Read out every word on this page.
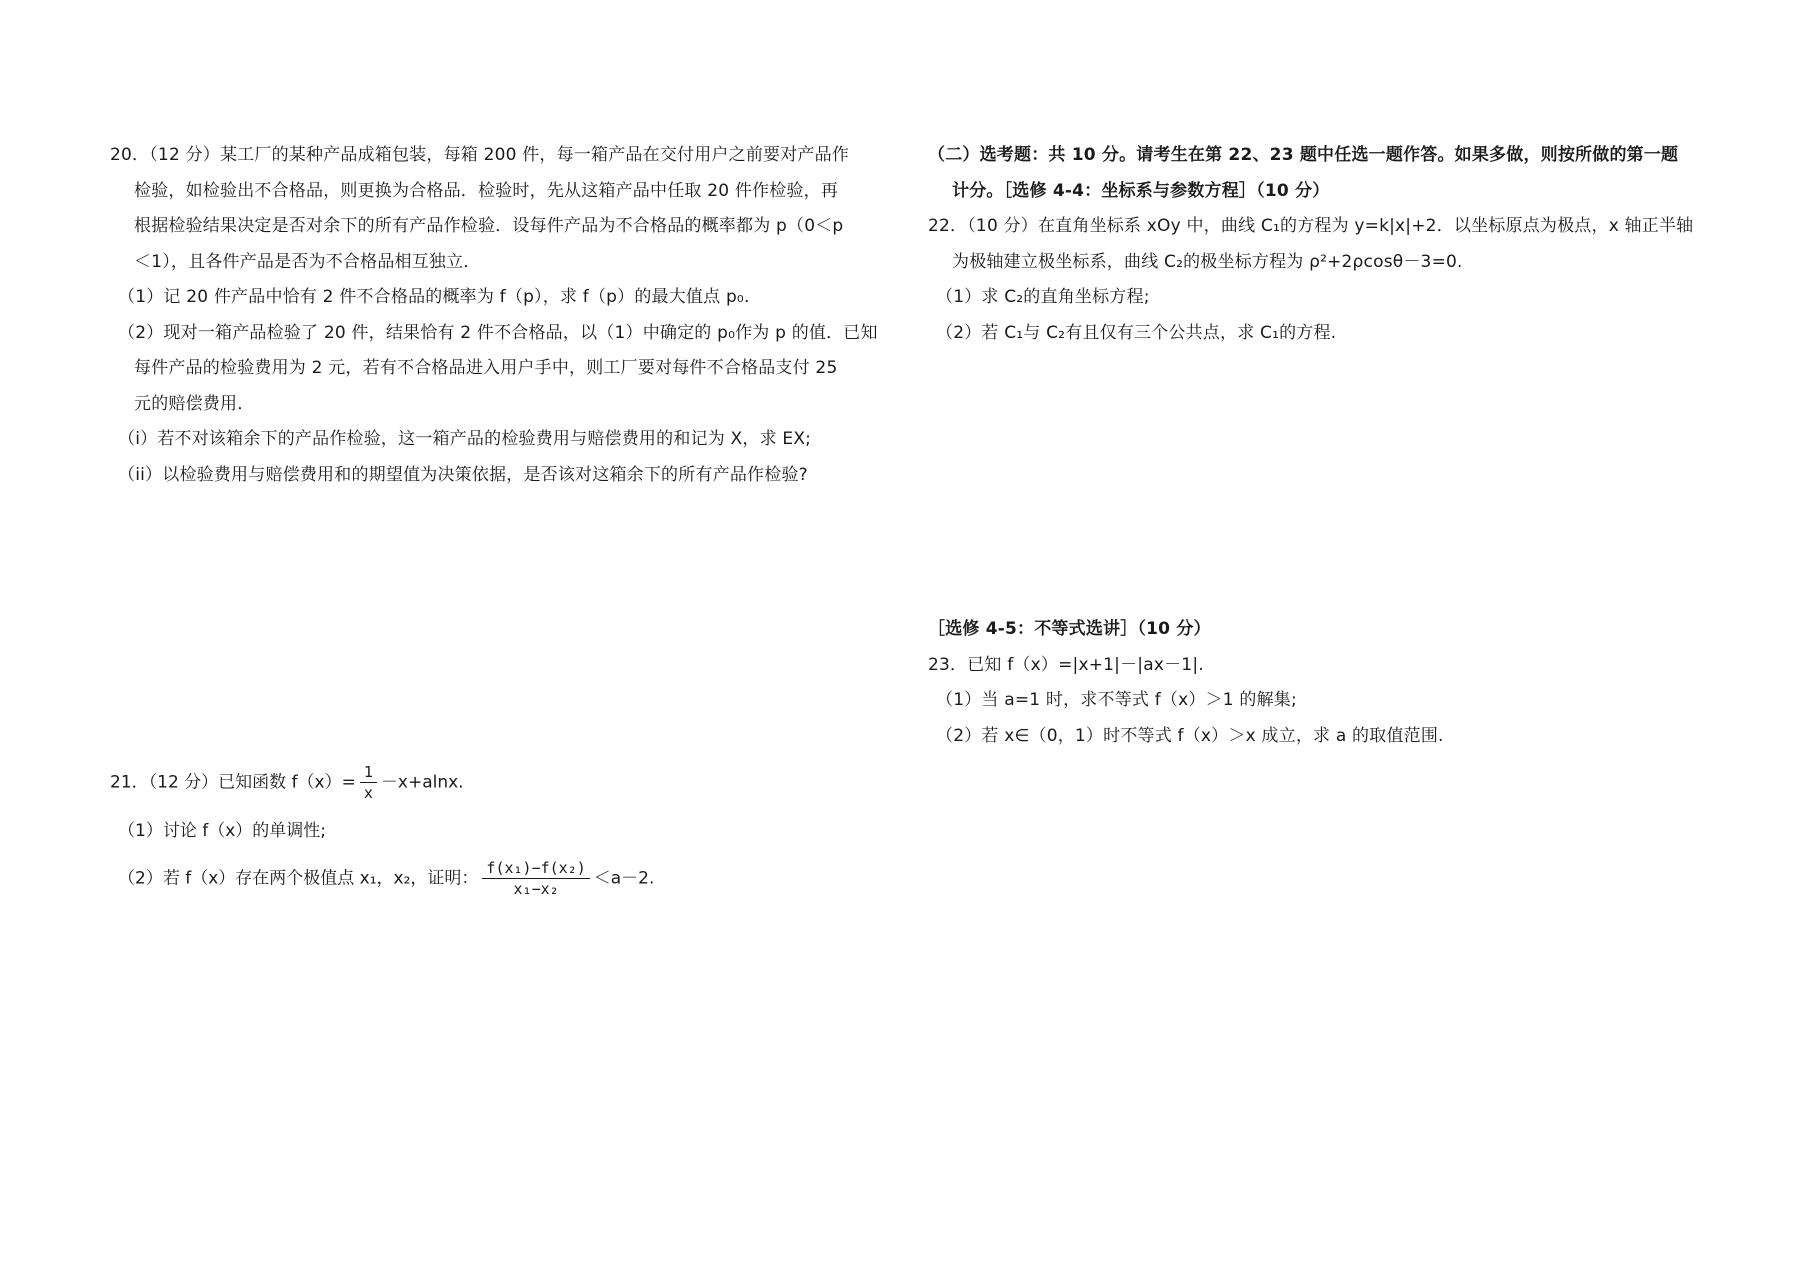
20．（12 分）某工厂的某种产品成箱包装，每箱 200 件，每一箱产品在交付用户之前要对产品作
检验，如检验出不合格品，则更换为合格品．检验时，先从这箱产品中任取 20 件作检验，再
根据检验结果决定是否对余下的所有产品作检验．设每件产品为不合格品的概率都为 p（0＜p
＜1），且各件产品是否为不合格品相互独立．
（1）记 20 件产品中恰有 2 件不合格品的概率为 f（p），求 f（p）的最大值点 p₀.
（2）现对一箱产品检验了 20 件，结果恰有 2 件不合格品，以（1）中确定的 p₀作为 p 的值．已知
每件产品的检验费用为 2 元，若有不合格品进入用户手中，则工厂要对每件不合格品支付 25
元的赔偿费用．
（i）若不对该箱余下的产品作检验，这一箱产品的检验费用与赔偿费用的和记为 X，求 EX;
（ii）以检验费用与赔偿费用和的期望值为决策依据，是否该对这箱余下的所有产品作检验?
21．（12 分）已知函数 $f(x)= \frac{1}{x} -x+alnx$.
（1）讨论 f（x）的单调性;
（2）若 f（x）存在两个极值点 x₁，x₂，证明： $\frac{\text{f(x₁)−f(x₂)}}{\text{x₁−x₂}} <a-2$.
（二）选考题：共 10 分。请考生在第 22、23 题中任选一题作答。如果多做，则按所做的第一题
计分。［选修 4-4：坐标系与参数方程］（10 分）
22．（10 分）在直角坐标系 xOy 中，曲线 C₁的方程为 y=k|x|+2．以坐标原点为极点，x 轴正半轴
为极轴建立极坐标系，曲线 C₂的极坐标方程为 ρ²+2ρcosθ－3=0.
（1）求 C₂的直角坐标方程;
（2）若 C₁与 C₂有且仅有三个公共点，求 C₁的方程.
［选修 4-5：不等式选讲］（10 分）
23．已知 f（x）=|x+1|－|ax－1|.
（1）当 a=1 时，求不等式 f（x）＞1 的解集;
（2）若 x∈（0，1）时不等式 f（x）＞x 成立，求 a 的取值范围.
